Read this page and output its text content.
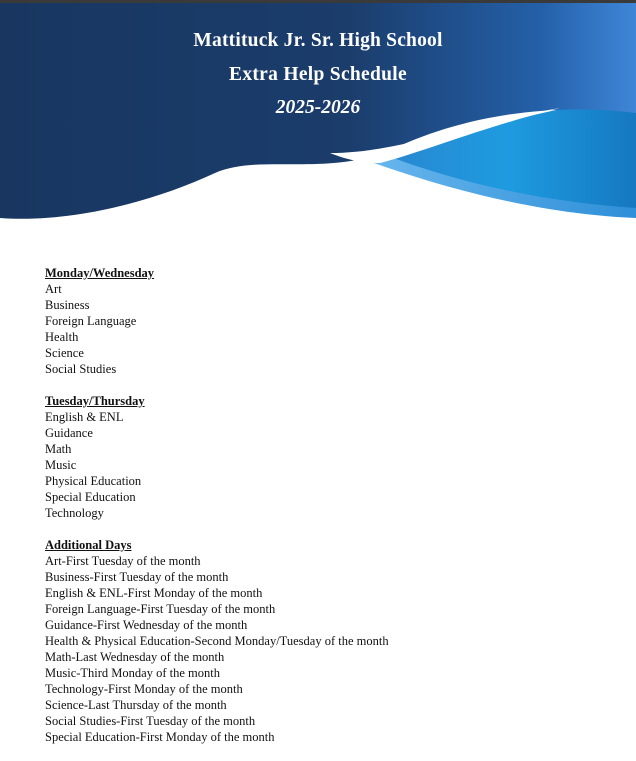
Mattituck Jr. Sr. High School
Extra Help Schedule
2025-2026
Monday/Wednesday
Art
Business
Foreign Language
Health
Science
Social Studies
Tuesday/Thursday
English & ENL
Guidance
Math
Music
Physical Education
Special Education
Technology
Additional Days
Art-First Tuesday of the month
Business-First Tuesday of the month
English & ENL-First Monday of the month
Foreign Language-First Tuesday of the month
Guidance-First Wednesday of the month
Health & Physical Education-Second Monday/Tuesday of the month
Math-Last Wednesday of the month
Music-Third Monday of the month
Technology-First Monday of the month
Science-Last Thursday of the month
Social Studies-First Tuesday of the month
Special Education-First Monday of the month
